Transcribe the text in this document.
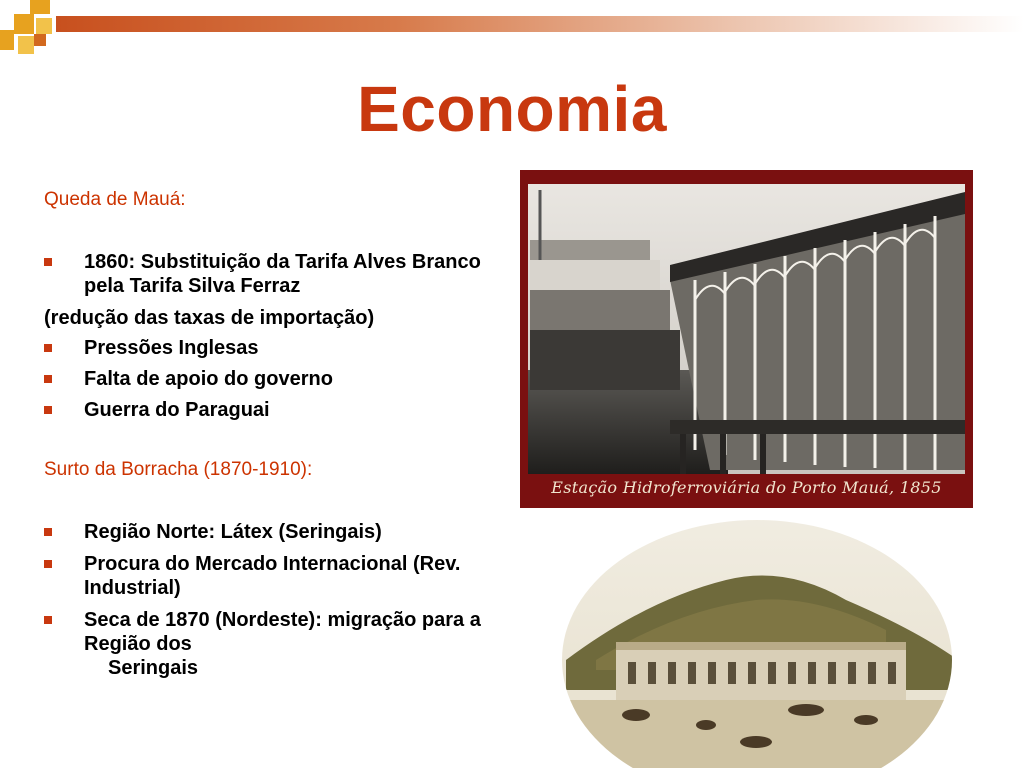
Economia
Queda de Mauá:
1860: Substituição da Tarifa Alves Branco pela Tarifa Silva Ferraz
(redução das taxas de importação)
Pressões Inglesas
Falta de apoio do governo
Guerra do Paraguai
Surto da Borracha (1870-1910):
Região Norte: Látex (Seringais)
Procura do Mercado Internacional (Rev. Industrial)
Seca de 1870 (Nordeste): migração para a Região dos
Seringais
Estação Hidroferroviária do Porto Mauá, 1855
